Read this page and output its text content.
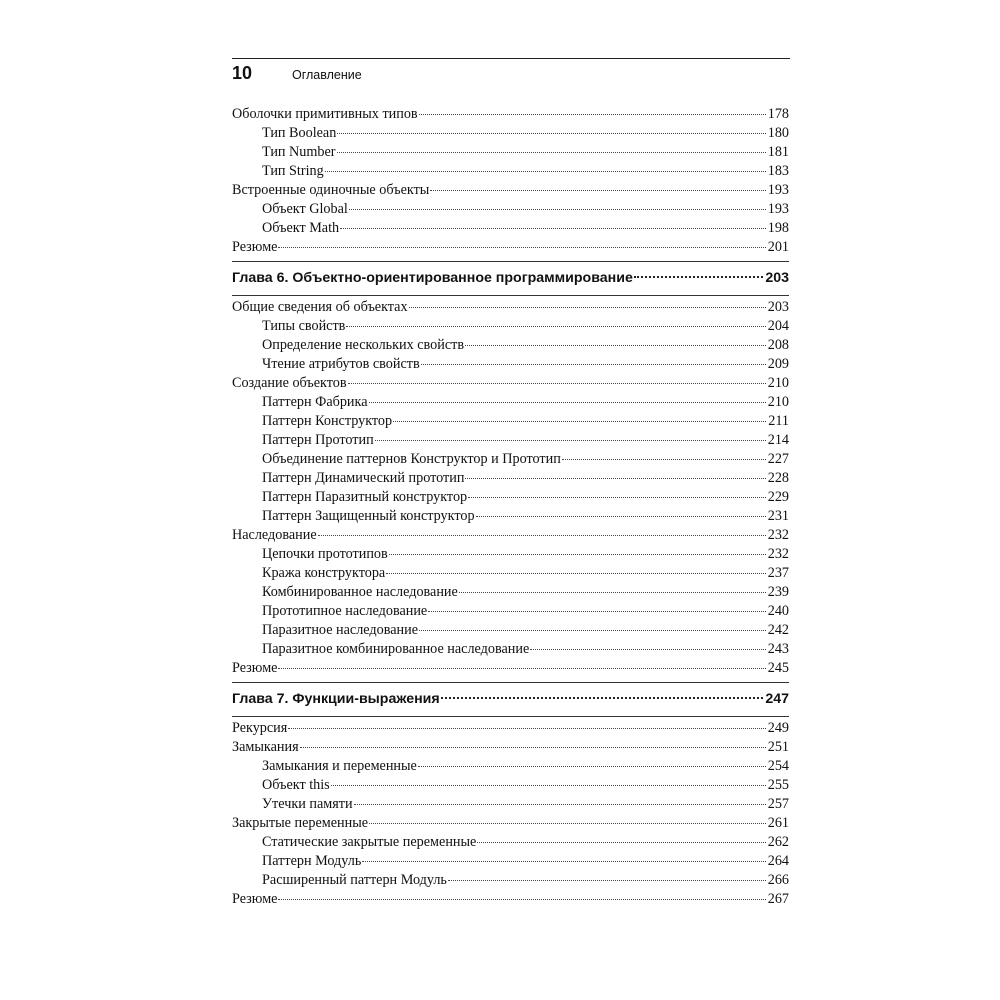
10	Оглавление
Оболочки примитивных типов	178
Тип Boolean	180
Тип Number	181
Тип String	183
Встроенные одиночные объекты	193
Объект Global	193
Объект Math	198
Резюме	201
Глава 6. Объектно-ориентированное программирование	203
Общие сведения об объектах	203
Типы свойств	204
Определение нескольких свойств	208
Чтение атрибутов свойств	209
Создание объектов	210
Паттерн Фабрика	210
Паттерн Конструктор	211
Паттерн Прототип	214
Объединение паттернов Конструктор и Прототип	227
Паттерн Динамический прототип	228
Паттерн Паразитный конструктор	229
Паттерн Защищенный конструктор	231
Наследование	232
Цепочки прототипов	232
Кража конструктора	237
Комбинированное наследование	239
Прототипное наследование	240
Паразитное наследование	242
Паразитное комбинированное наследование	243
Резюме	245
Глава 7. Функции-выражения	247
Рекурсия	249
Замыкания	251
Замыкания и переменные	254
Объект this	255
Утечки памяти	257
Закрытые переменные	261
Статические закрытые переменные	262
Паттерн Модуль	264
Расширенный паттерн Модуль	266
Резюме	267
